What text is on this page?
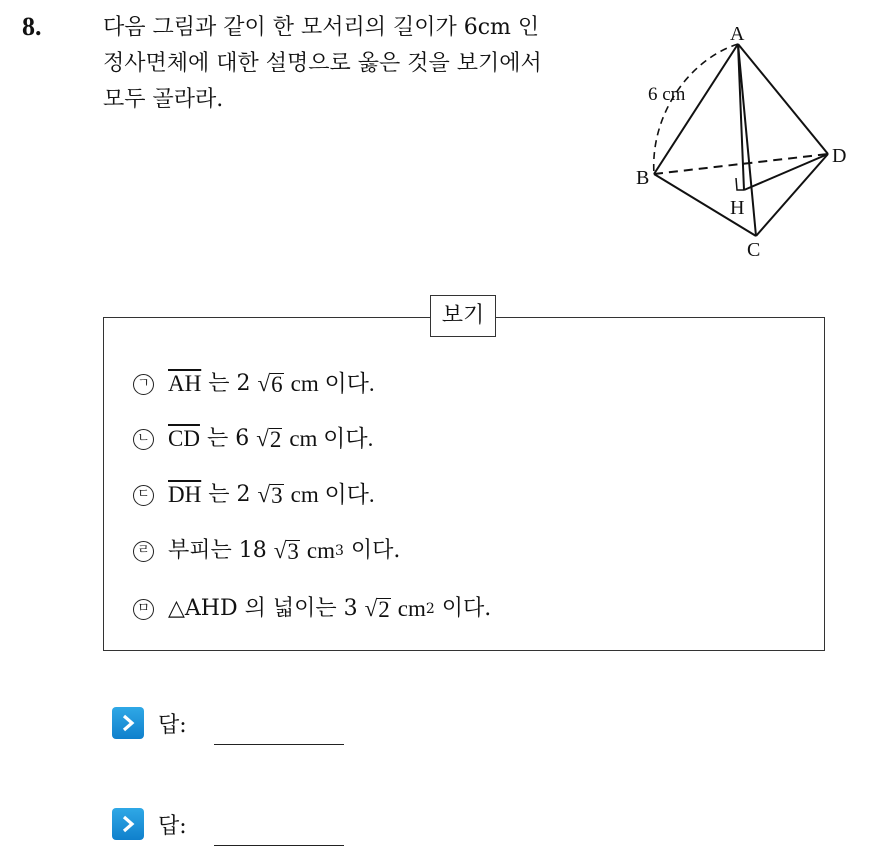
8.	다음 그림과 같이 한 모서리의 길이가 6cm 인
정사면체에 대한 설명으로 옳은 것을 보기에서
모두 골라라.
A
6 cm
B
D
H
C
보기
ㄱ $\overline{AH}$
는 2
√ 6
cm 이다.
ㄴ $\overline{CD}$
는 6
√ 2
cm 이다.
ㄷ $\overline{DH}$
는 2
√ 3
cm 이다.
ㄹ 부피는 18
√ 3
cm 3
이다.
ㅁ △AHD 의 넓이는 3
√ 2
cm 2
이다.
답:
답:
